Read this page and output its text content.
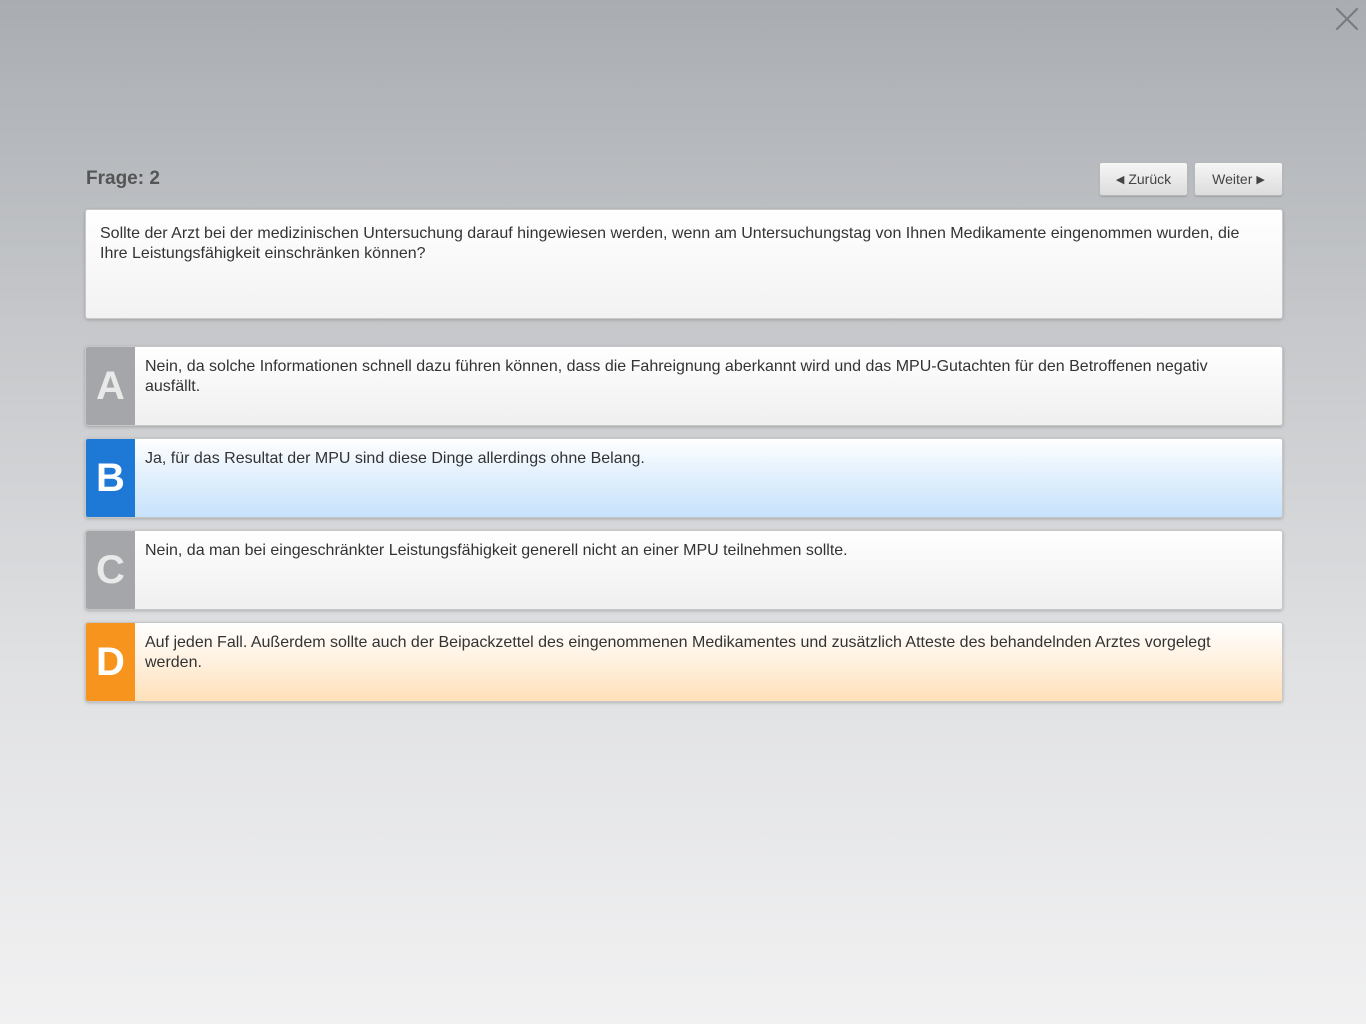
Frage: 2	◀ Zurück	Weiter ▶
Sollte der Arzt bei der medizinischen Untersuchung darauf hingewiesen werden, wenn am Untersuchungstag von Ihnen Medikamente eingenommen wurden, die Ihre Leistungsfähigkeit einschränken können?
A	Nein, da solche Informationen schnell dazu führen können, dass die Fahreignung aberkannt wird und das MPU-Gutachten für den Betroffenen negativ ausfällt.
B	Ja, für das Resultat der MPU sind diese Dinge allerdings ohne Belang.
C	Nein, da man bei eingeschränkter Leistungsfähigkeit generell nicht an einer MPU teilnehmen sollte.
D	Auf jeden Fall. Außerdem sollte auch der Beipackzettel des eingenommenen Medikamentes und zusätzlich Atteste des behandelnden Arztes vorgelegt werden.
